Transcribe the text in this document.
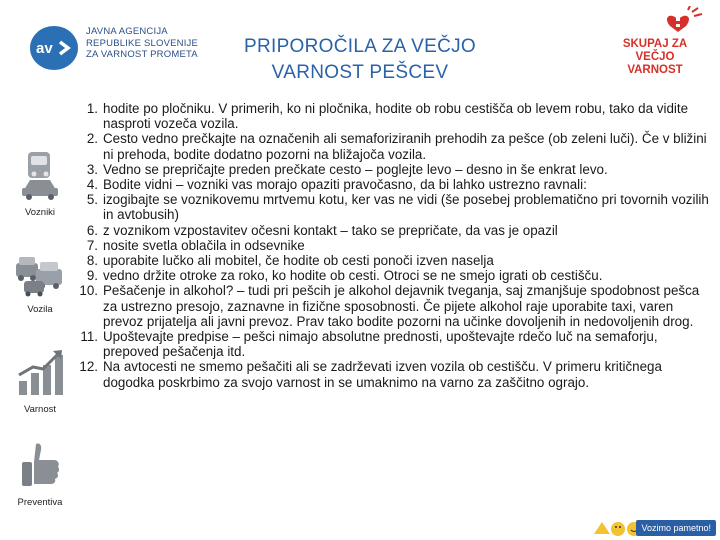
av
JAVNA AGENCIJA
REPUBLIKE SLOVENIJE
ZA VARNOST PROMETA	PRIPOROČILA ZA VEČJO
VARNOST PEŠCEV
SKUPAJ ZA
VEČJO VARNOST
Vozniki
Vozila
Varnost
Preventiva
1. hodite po pločniku. V primerih, ko ni pločnika, hodite ob robu cestišča ob levem robu, tako da vidite nasproti vozeča vozila.
2. Cesto vedno prečkajte na označenih ali semaforiziranih prehodih za pešce (ob zeleni luči). Če v bližini ni prehoda, bodite dodatno pozorni na bližajoča vozila.
3. Vedno se prepričajte preden prečkate cesto – poglejte levo – desno in še enkrat levo.
4. Bodite vidni – vozniki vas morajo opaziti pravočasno, da bi lahko ustrezno ravnali:
5. izogibajte se voznikovemu mrtvemu kotu, ker vas ne vidi (še posebej problematično pri tovornih vozilih in avtobusih)
6. z voznikom vzpostavitev očesni kontakt – tako se prepričate, da vas je opazil
7. nosite svetla oblačila in odsevnike
8. uporabite lučko ali mobitel, če hodite ob cesti ponoči izven naselja
9. vedno držite otroke za roko, ko hodite ob cesti. Otroci se ne smejo igrati ob cestišču.
10. Pešačenje in alkohol? – tudi pri pešcih je alkohol dejavnik tveganja, saj zmanjšuje spodobnost pešca za ustrezno presojo, zaznavne in fizične sposobnosti. Če pijete alkohol raje uporabite taxi, varen prevoz prijatelja ali javni prevoz. Prav tako bodite pozorni na učinke dovoljenih in nedovoljenih drog.
11. Upoštevajte predpise – pešci nimajo absolutne prednosti, upoštevajte rdečo luč na semaforju, prepoved pešačenja itd.
12. Na avtocesti ne smemo pešačiti ali se zadrževati izven vozila ob cestišču. V primeru kritičnega dogodka poskrbimo za svojo varnost in se umaknimo na varno za zaščitno ograjo.
Vozimo pametno!
